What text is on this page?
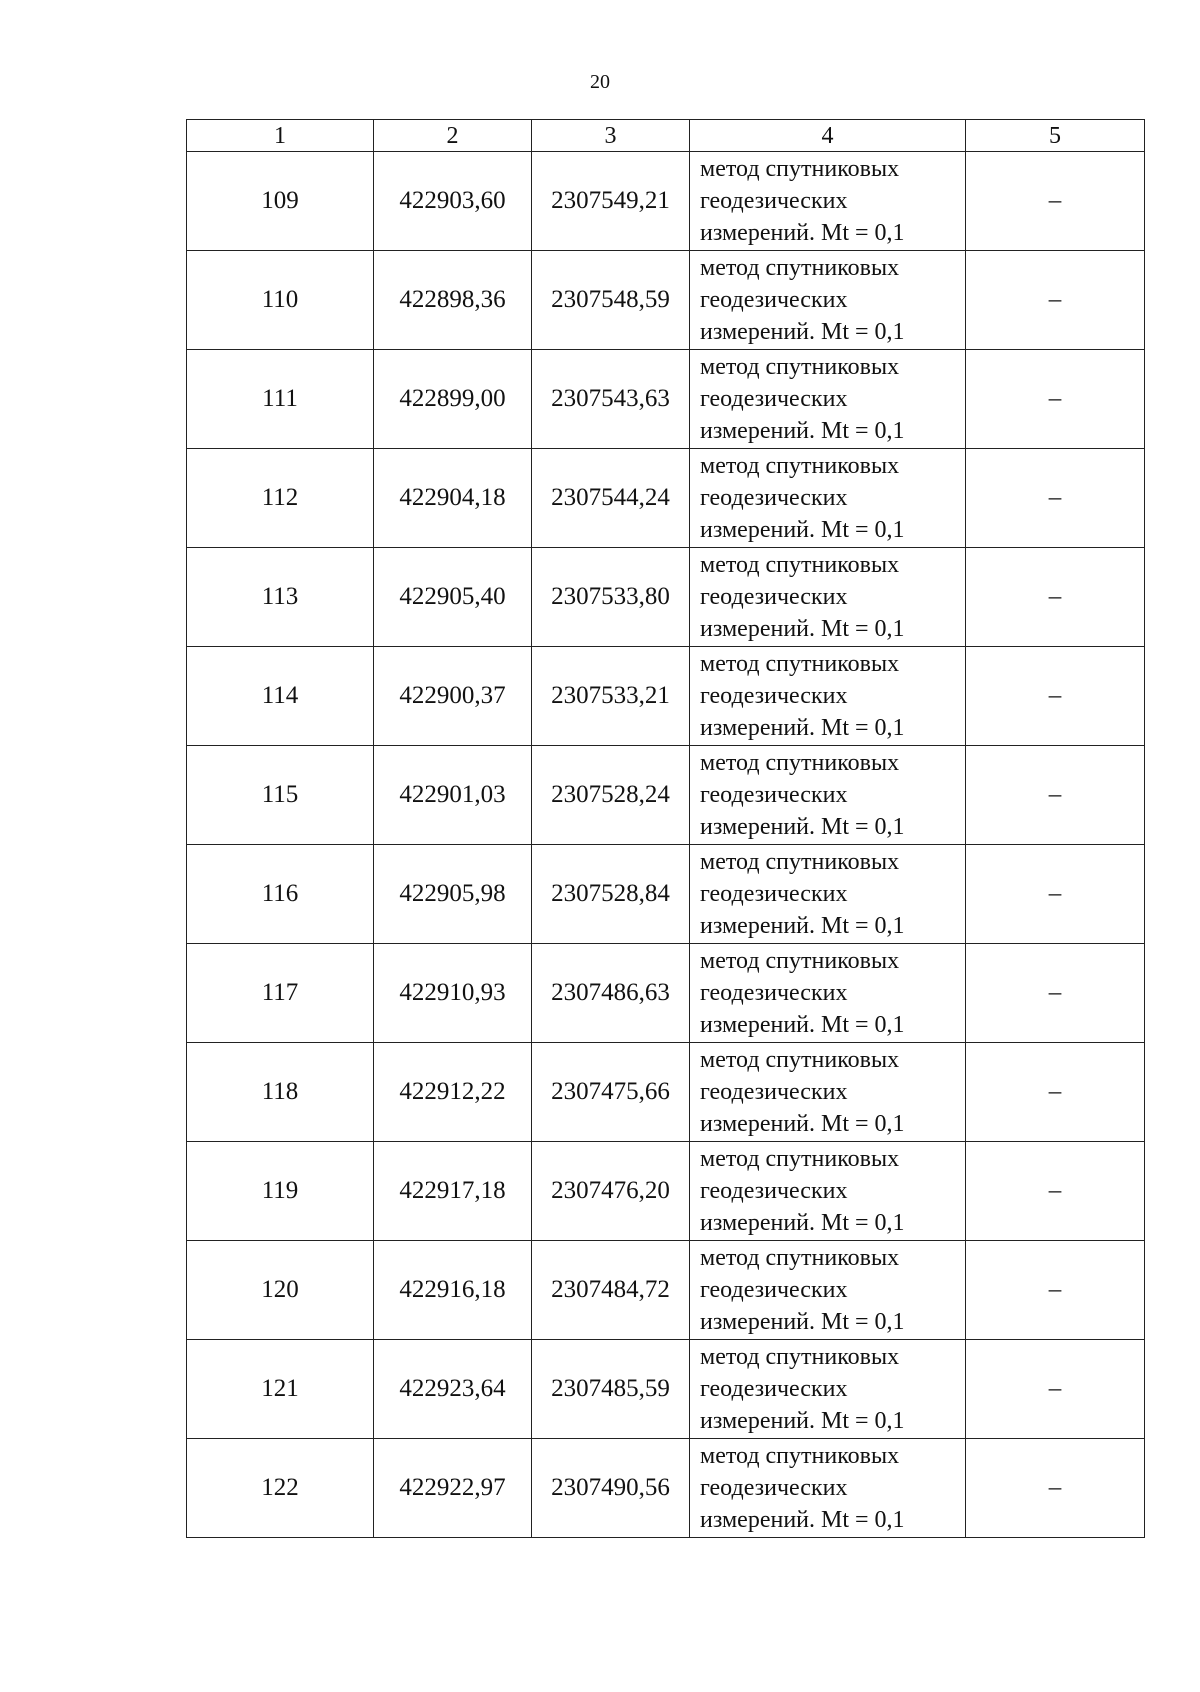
20
1	2	3	4	5
109	422903,60	2307549,21	метод спутниковых
геодезических
измерений. Mt = 0,1	–
110	422898,36	2307548,59	метод спутниковых
геодезических
измерений. Mt = 0,1	–
111	422899,00	2307543,63	метод спутниковых
геодезических
измерений. Mt = 0,1	–
112	422904,18	2307544,24	метод спутниковых
геодезических
измерений. Mt = 0,1	–
113	422905,40	2307533,80	метод спутниковых
геодезических
измерений. Mt = 0,1	–
114	422900,37	2307533,21	метод спутниковых
геодезических
измерений. Mt = 0,1	–
115	422901,03	2307528,24	метод спутниковых
геодезических
измерений. Mt = 0,1	–
116	422905,98	2307528,84	метод спутниковых
геодезических
измерений. Mt = 0,1	–
117	422910,93	2307486,63	метод спутниковых
геодезических
измерений. Mt = 0,1	–
118	422912,22	2307475,66	метод спутниковых
геодезических
измерений. Mt = 0,1	–
119	422917,18	2307476,20	метод спутниковых
геодезических
измерений. Mt = 0,1	–
120	422916,18	2307484,72	метод спутниковых
геодезических
измерений. Mt = 0,1	–
121	422923,64	2307485,59	метод спутниковых
геодезических
измерений. Mt = 0,1	–
122	422922,97	2307490,56	метод спутниковых
геодезических
измерений. Mt = 0,1	–
